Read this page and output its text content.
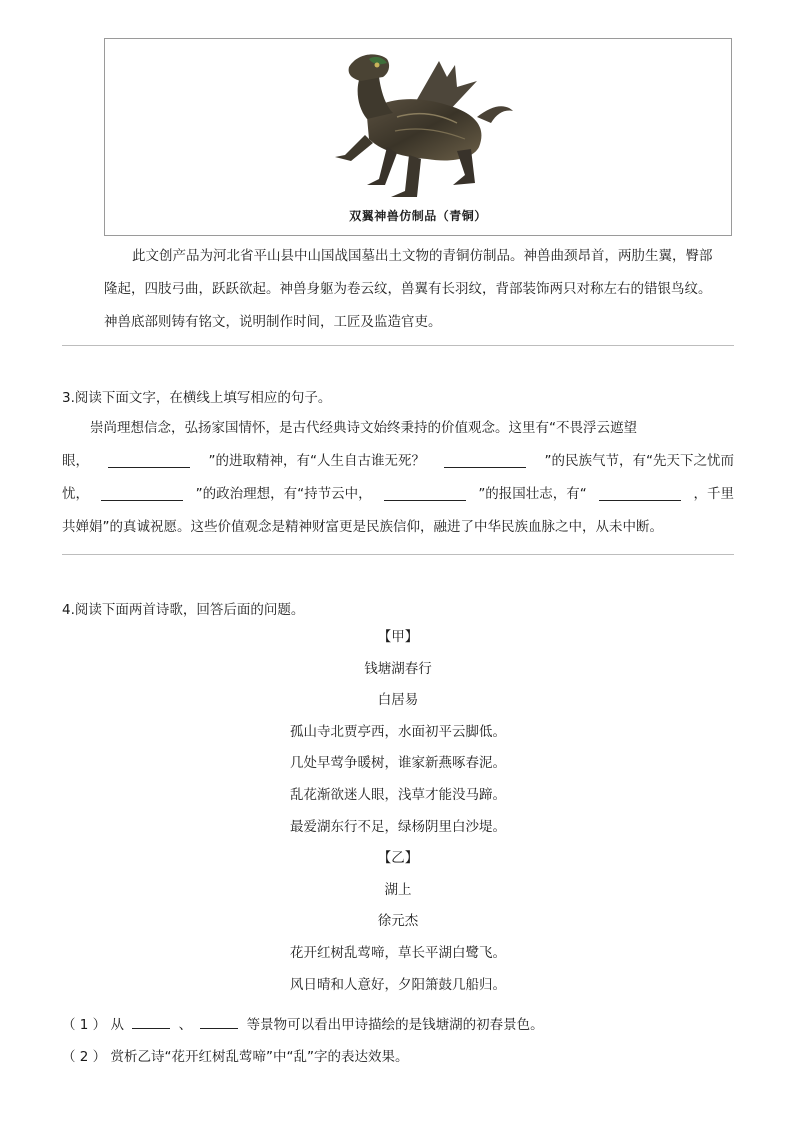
双翼神兽仿制品（青铜）

此文创产品为河北省平山县中山国战国墓出土文物的青铜仿制品。神兽曲颈昂首，两肋生翼，臀部

隆起，四肢弓曲，跃跃欲起。神兽身躯为卷云纹，兽翼有长羽纹，背部装饰两只对称左右的错银鸟纹。

神兽底部则铸有铭文，说明制作时间，工匠及监造官吏。

3.阅读下面文字，在横线上填写相应的句子。
崇尚理想信念，弘扬家国情怀，是古代经典诗文始终秉持的价值观念。这里有“不畏浮云遮望
眼，	”的进取精神，有“人生自古谁无死？	”的民族气节，有“先天下之忧而
忧，	”的政治理想，有“持节云中，	”的报国壮志，有“	，千里
共婵娟”的真诚祝愿。这些价值观念是精神财富更是民族信仰，融进了中华民族血脉之中，从未中断。
4.阅读下面两首诗歌，回答后面的问题。
【甲】
钱塘湖春行
白居易
孤山寺北贾亭西，水面初平云脚低。
几处早莺争暖树，谁家新燕啄春泥。
乱花渐欲迷人眼，浅草才能没马蹄。
最爱湖东行不足，绿杨阴里白沙堤。
【乙】
湖上
徐元杰
花开红树乱莺啼，草长平湖白鹭飞。
风日晴和人意好，夕阳箫鼓几船归。
（ 1 ） 从	、	等景物可以看出甲诗描绘的是钱塘湖的初春景色。
（ 2 ） 赏析乙诗“花开红树乱莺啼”中“乱”字的表达效果。
